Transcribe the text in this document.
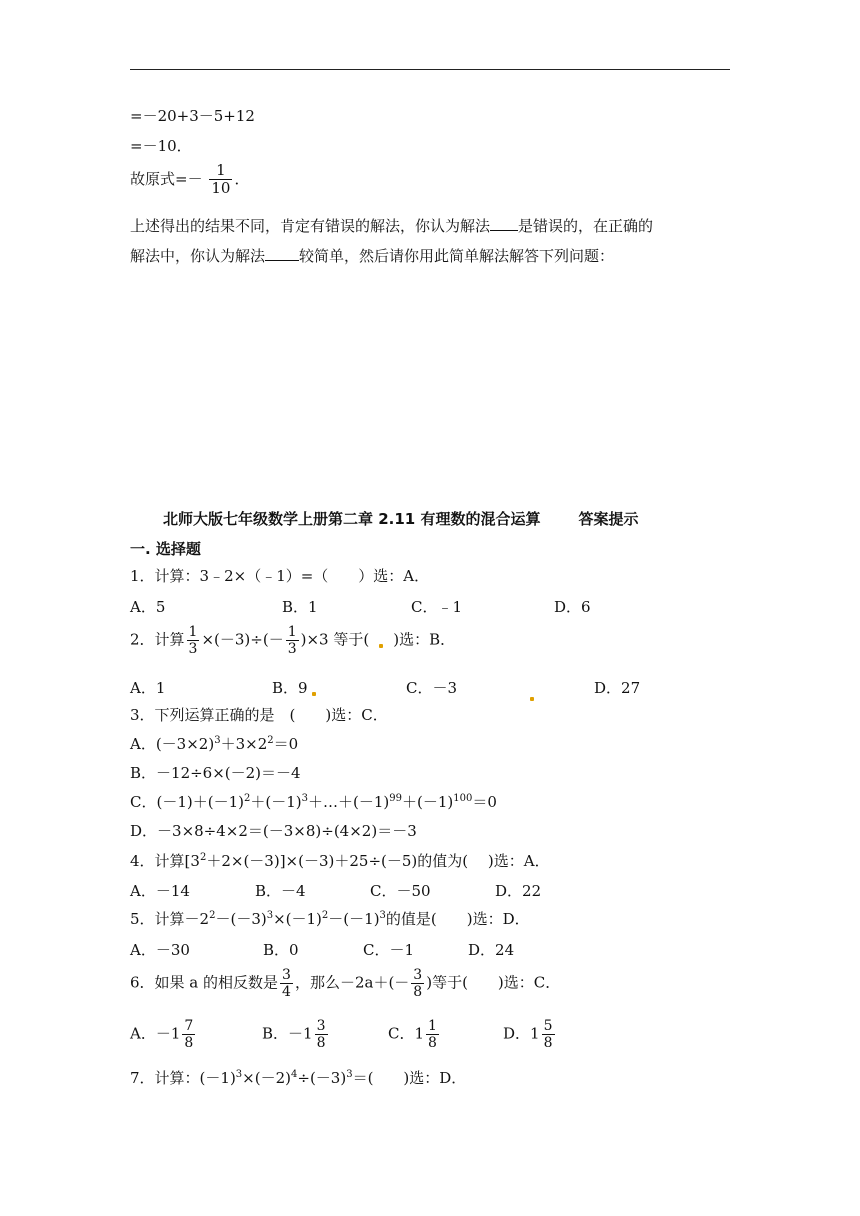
=－20+3－5+12
=－10．
故原式=－ $\frac{1}{10}$ ．
上述得出的结果不同，肯定有错误的解法，你认为解法 是错误的，在正确的
解法中，你认为解法 较简单，然后请你用此简单解法解答下列问题：
北师大版七年级数学上册第二章 2.11 有理数的混合运算	答案提示
一. 选择题
1．计算：3﹣2×（﹣1）=（　　）选：A．
A．5	B．1	C．﹣1	D．6
2．计算 $\frac{1}{3} \times(-3)\div(- \frac{1}{3} )\times 3$ 等于( )选：B．
A．1	B．9	C．－3	D．27
3．下列运算正确的是　(　　)选：C．
A．$(-3\times 2)^3+3\times 2^2=0$
B．－12÷6×(－2)＝－4
C．$(-1)+(-1)^2+(-1)^3+\dots+(-1)^{99}+(-1)^{100}=0$
D．－3×8÷4×2＝(－3×8)÷(4×2)＝－3
4．计算$[3^2+2\times(-3)]\times(-3)+25\div(-5)$的值为(　 )选：A．
A．－14	B．－4	C．－50	D．22
5．计算$-2^2-(-3)^3\times(-1)^2-(-1)^3$的值是(　　)选：D．
A．－30	B．0	C．－1	D．24
6．如果 a 的相反数是 $\frac{3}{4}$ ，那么$-2a+(- \frac{3}{8}$ )等于(　　)选：C．
A．$-1 \frac{7}{8}$	B．$-1 \frac{3}{8}$	C．$1 \frac{1}{8}$	D．$1 \frac{5}{8}$
7．计算：$(-1)^3\times(-2)^4\div(-3)^3=$(　　)选：D．
